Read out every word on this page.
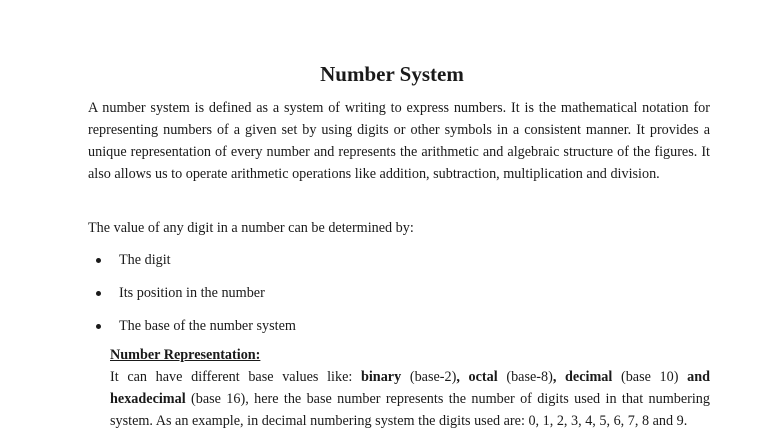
Number System

A number system is defined as a system of writing to express numbers. It is the mathematical notation for representing numbers of a given set by using digits or other symbols in a consistent manner. It provides a unique representation of every number and represents the arithmetic and algebraic structure of the figures. It also allows us to operate arithmetic operations like addition, subtraction, multiplication and division.

The value of any digit in a number can be determined by:

The digit
Its position in the number
The base of the number system

Number Representation:

It can have different base values like: binary (base-2), octal (base-8), decimal (base 10) and hexadecimal (base 16), here the base number represents the number of digits used in that numbering system. As an example, in decimal numbering system the digits used are: 0, 1, 2, 3, 4, 5, 6, 7, 8 and 9.
